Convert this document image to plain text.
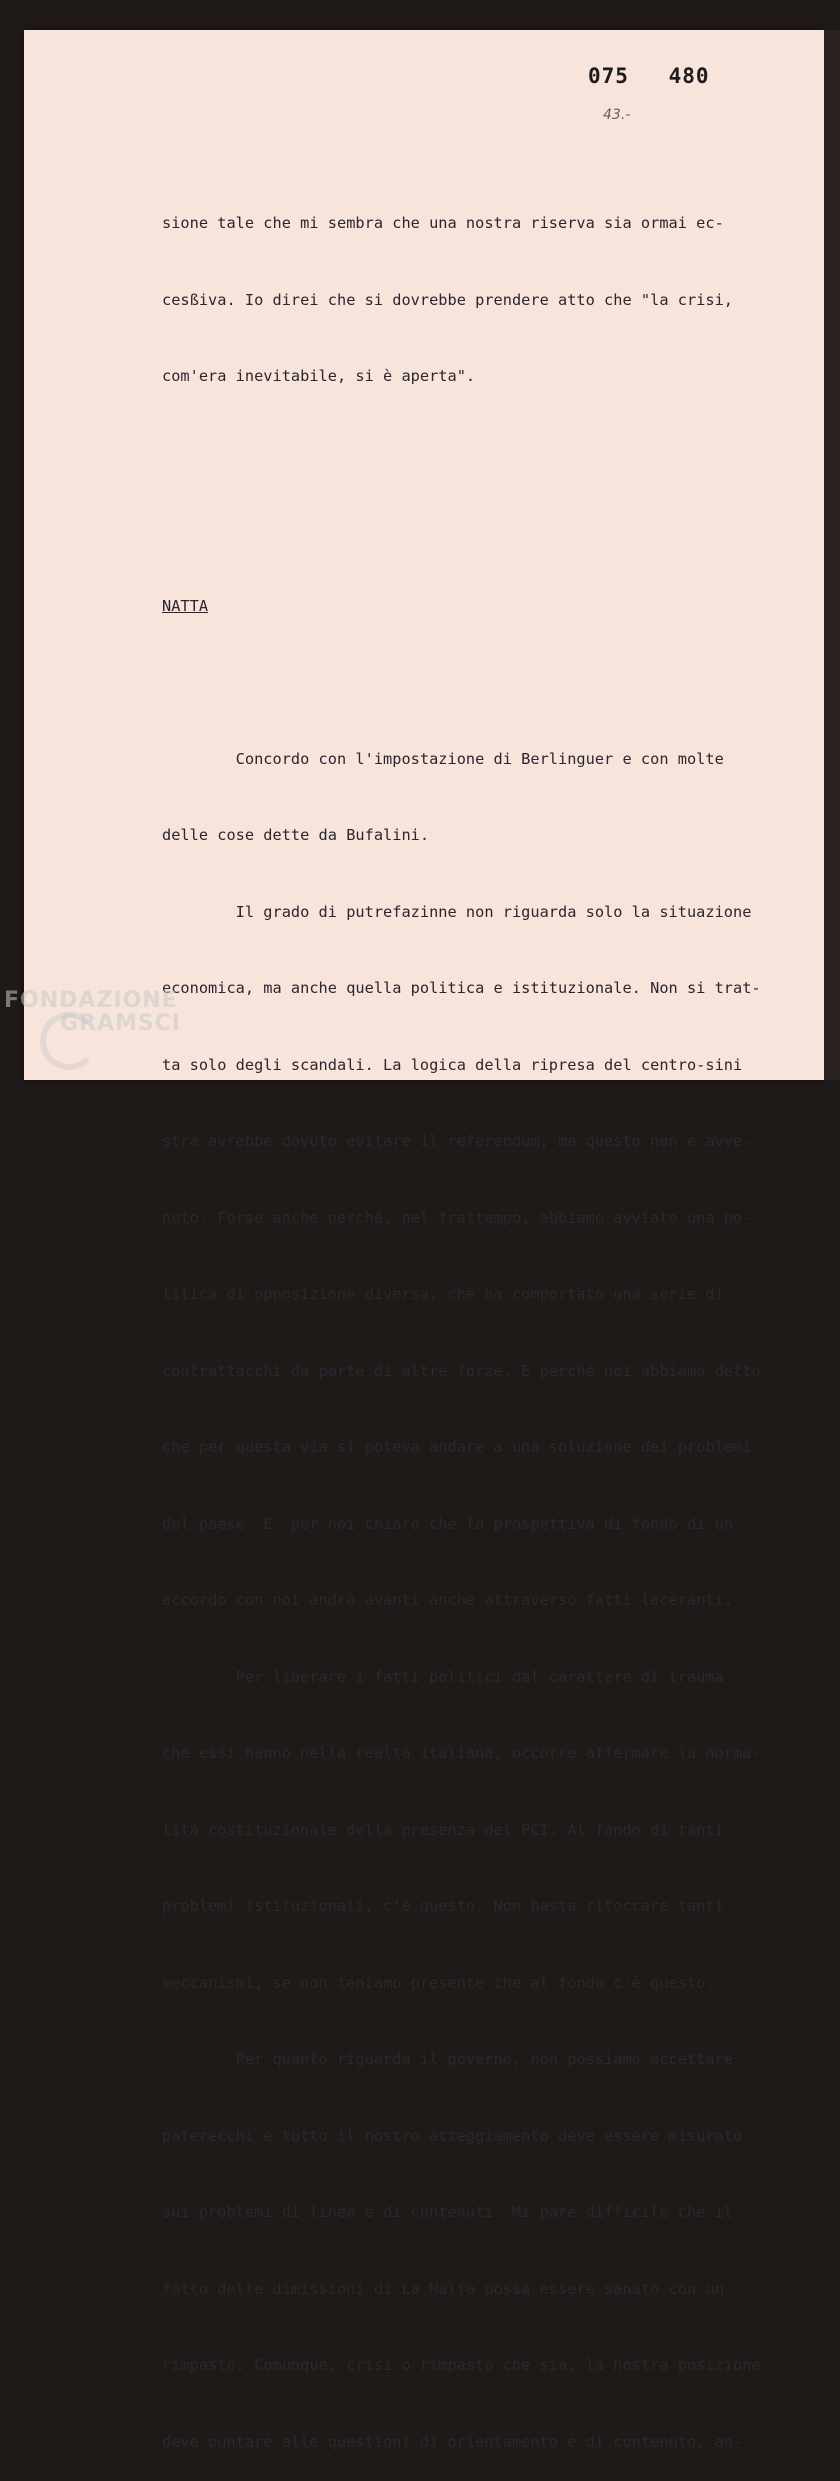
075 480
43.-

sione tale che mi sembra che una nostra riserva sia ormai ec-

cesßiva. Io direi che si dovrebbe prendere atto che "la crisi,

com'era inevitabile, si è aperta".

NATTA

Concordo con l'impostazione di Berlinguer e con molte

delle cose dette da Bufalini.

Il grado di putrefazinne non riguarda solo la situazione

economica, ma anche quella politica e istituzionale. Non si trat-

ta solo degli scandali. La logica della ripresa del centro-sini

stra avrebbe dovuto evitare il referendum, ma questo non è avve-

nuto. Forse anche perché, nel frattempo, abbiamo avviato una po-

litica di opposizione diversa, che ha comportato una serie di

contrattacchi da parte di altre forze. E perché noi abbiamo detto

che per questa via si poteva andare a una soluzione dei problemi

del paese. E' per noi chiaro che la prospettiva di fondo di un

accordo con noi andrà avanti anche attraverso fatti laceranti.

Per liberare i fatti politici dal carattere di trauma

che essi hanno nella realtà italiana, occorre affermare la norma-

lità costituzionale della presenza del PCI. Al fondo di tanti

problemi istituzionali, c'è questo. Non basta ritoccare tanti

meccanismi, se non teniamo presente che al fondo c'è questo.

Per quanto riguarda il governo, non possiamo accettare

paterecchi e tutto il nostro atteggiamento deve essere misurato

sui problemi di linea e di contenuti. Mi pare difficile che il

fatto delle dimissioni di La Malfa possa essere sanato con un

rimpasto. Comunque, crisi o rimpasto che sia, la nostra posizione

deve puntare alle questioni di orientamento e di contenuto, an-

FONDAZIONE
GRAMSCI
